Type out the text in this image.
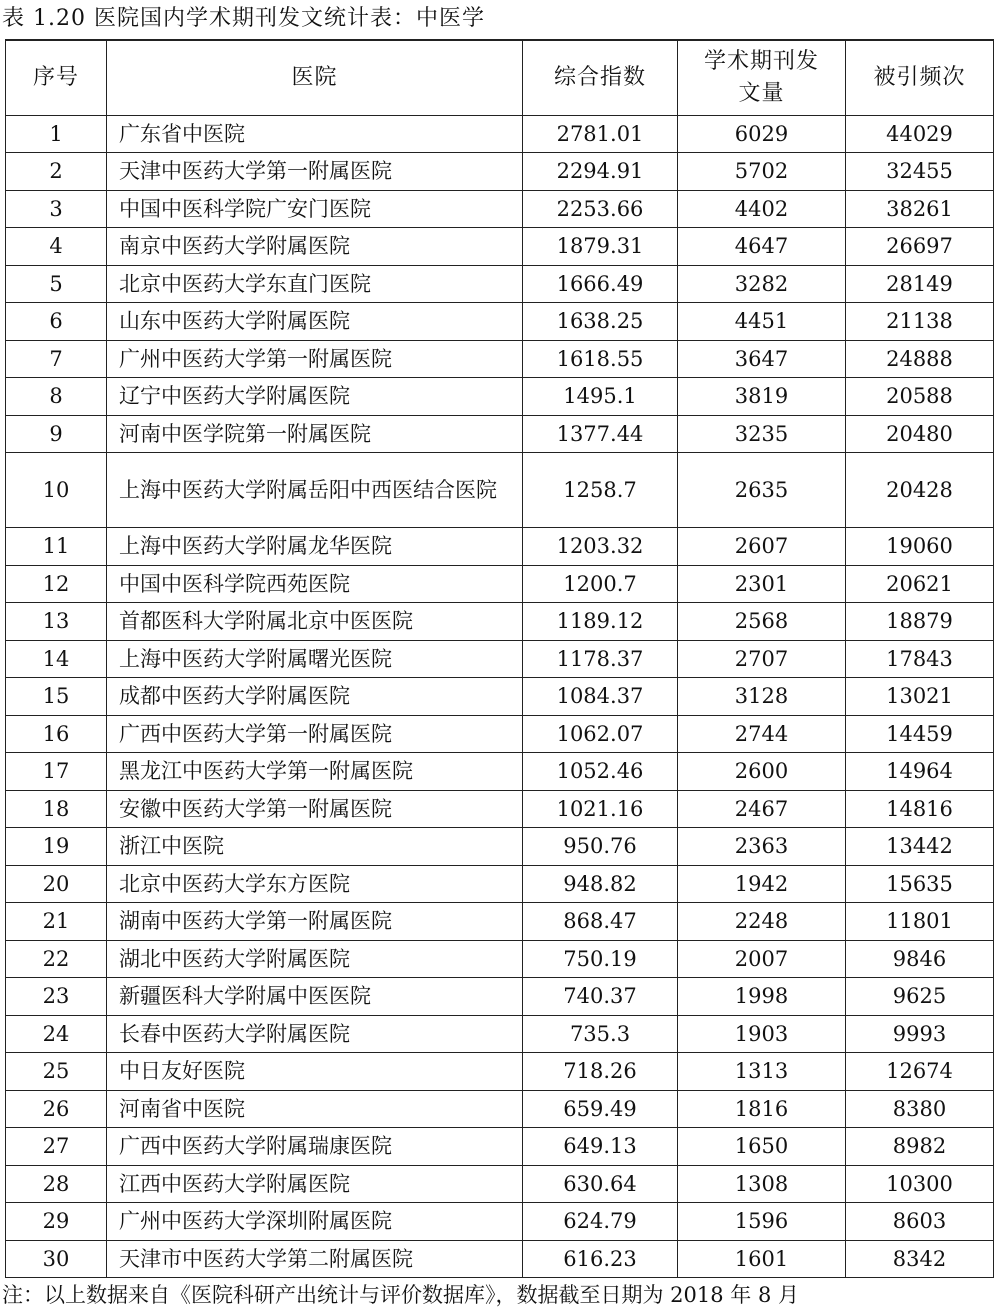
表 1.20 医院国内学术期刊发文统计表：中医学
序号	医院	综合指数	学术期刊发文量	被引频次
1	广东省中医院	2781.01	6029	44029
2	天津中医药大学第一附属医院	2294.91	5702	32455
3	中国中医科学院广安门医院	2253.66	4402	38261
4	南京中医药大学附属医院	1879.31	4647	26697
5	北京中医药大学东直门医院	1666.49	3282	28149
6	山东中医药大学附属医院	1638.25	4451	21138
7	广州中医药大学第一附属医院	1618.55	3647	24888
8	辽宁中医药大学附属医院	1495.1	3819	20588
9	河南中医学院第一附属医院	1377.44	3235	20480
10	上海中医药大学附属岳阳中西医结合医院	1258.7	2635	20428
11	上海中医药大学附属龙华医院	1203.32	2607	19060
12	中国中医科学院西苑医院	1200.7	2301	20621
13	首都医科大学附属北京中医医院	1189.12	2568	18879
14	上海中医药大学附属曙光医院	1178.37	2707	17843
15	成都中医药大学附属医院	1084.37	3128	13021
16	广西中医药大学第一附属医院	1062.07	2744	14459
17	黑龙江中医药大学第一附属医院	1052.46	2600	14964
18	安徽中医药大学第一附属医院	1021.16	2467	14816
19	浙江中医院	950.76	2363	13442
20	北京中医药大学东方医院	948.82	1942	15635
21	湖南中医药大学第一附属医院	868.47	2248	11801
22	湖北中医药大学附属医院	750.19	2007	9846
23	新疆医科大学附属中医医院	740.37	1998	9625
24	长春中医药大学附属医院	735.3	1903	9993
25	中日友好医院	718.26	1313	12674
26	河南省中医院	659.49	1816	8380
27	广西中医药大学附属瑞康医院	649.13	1650	8982
28	江西中医药大学附属医院	630.64	1308	10300
29	广州中医药大学深圳附属医院	624.79	1596	8603
30	天津市中医药大学第二附属医院	616.23	1601	8342
注：以上数据来自《医院科研产出统计与评价数据库》，数据截至日期为 2018 年 8 月
